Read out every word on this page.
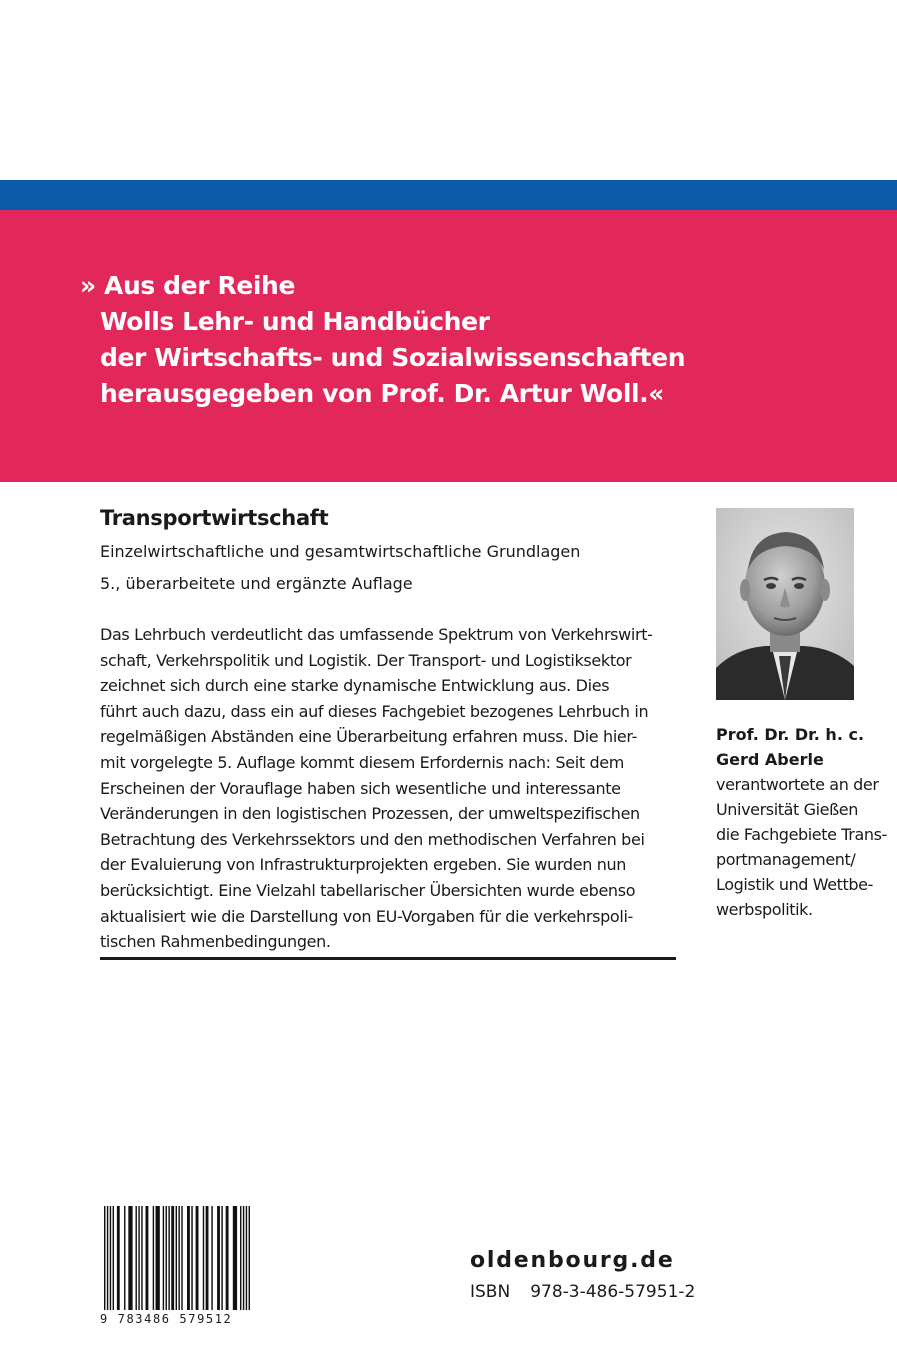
» Aus der Reihe
Wolls Lehr- und Handbücher
der Wirtschafts- und Sozialwissenschaften
herausgegeben von Prof. Dr. Artur Woll.«
Transportwirtschaft
Einzelwirtschaftliche und gesamtwirtschaftliche Grundlagen
5., überarbeitete und ergänzte Auflage
Das Lehrbuch verdeutlicht das umfassende Spektrum von Verkehrswirt-
schaft, Verkehrspolitik und Logistik. Der Transport- und Logistiksektor
zeichnet sich durch eine starke dynamische Entwicklung aus. Dies
führt auch dazu, dass ein auf dieses Fachgebiet bezogenes Lehrbuch in
regelmäßigen Abständen eine Überarbeitung erfahren muss. Die hier-
mit vorgelegte 5. Auflage kommt diesem Erfordernis nach: Seit dem
Erscheinen der Vorauflage haben sich wesentliche und interessante
Veränderungen in den logistischen Prozessen, der umweltspezifischen
Betrachtung des Verkehrssektors und den methodischen Verfahren bei
der Evaluierung von Infrastrukturprojekten ergeben. Sie wurden nun
berücksichtigt. Eine Vielzahl tabellarischer Übersichten wurde ebenso
aktualisiert wie die Darstellung von EU-Vorgaben für die verkehrspoli-
tischen Rahmenbedingungen.
Prof. Dr. Dr. h. c.
Gerd Aberle
verantwortete an der
Universität Gießen
die Fachgebiete Trans-
portmanagement/
Logistik und Wettbe-
werbspolitik.
9 783486 579512
oldenbourg.de
ISBN 978-3-486-57951-2
